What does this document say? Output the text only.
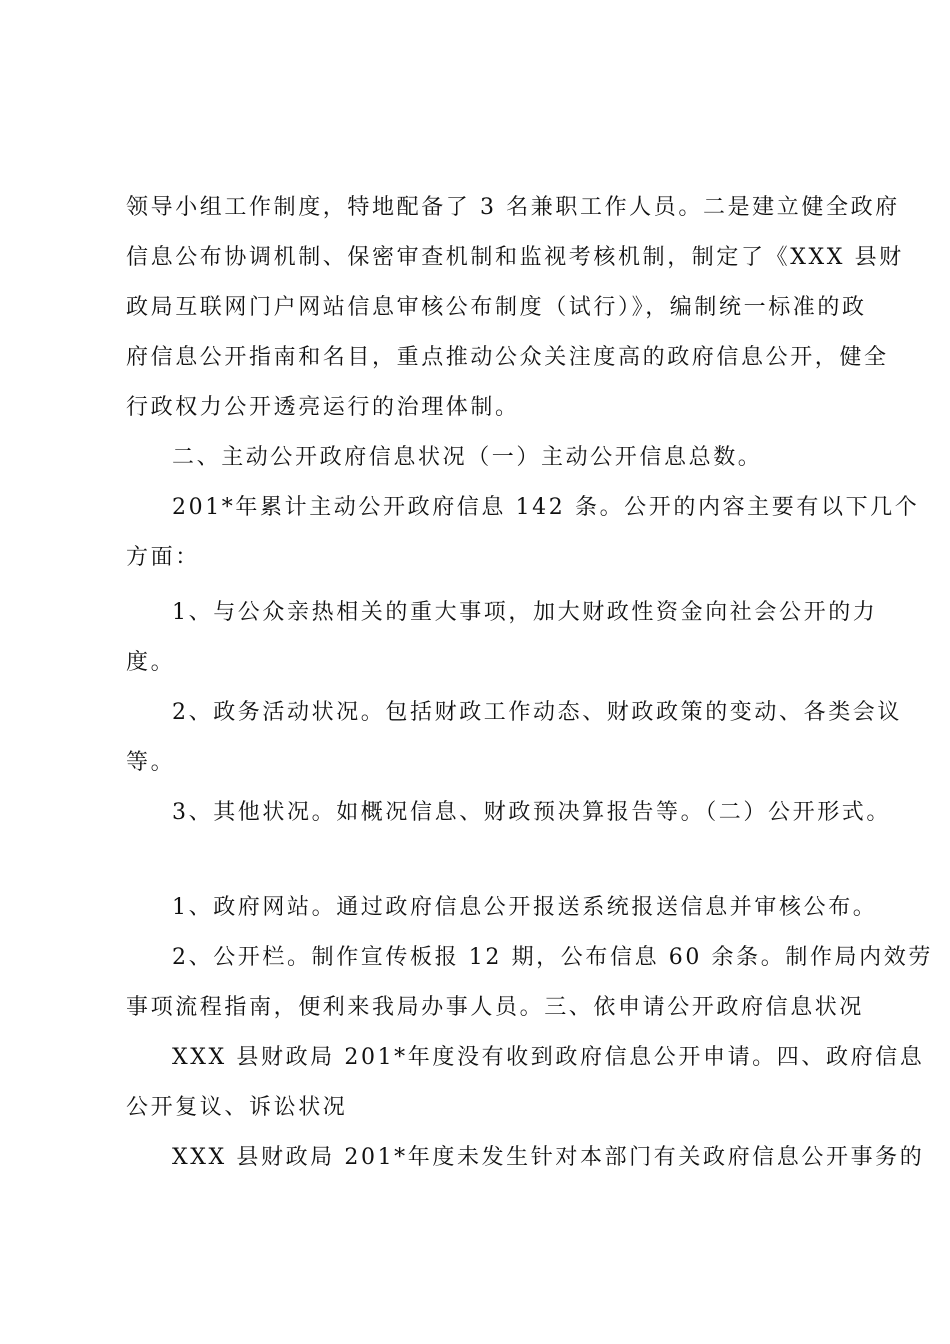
领导小组工作制度，特地配备了 3 名兼职工作人员。二是建立健全政府
信息公布协调机制、保密审查机制和监视考核机制，制定了《XXX 县财
政局互联网门户网站信息审核公布制度（试行）》，编制统一标准的政
府信息公开指南和名目，重点推动公众关注度高的政府信息公开，健全
行政权力公开透亮运行的治理体制。
二、主动公开政府信息状况（一）主动公开信息总数。
201*年累计主动公开政府信息 142 条。公开的内容主要有以下几个
方面：
1、与公众亲热相关的重大事项，加大财政性资金向社会公开的力
度。
2、政务活动状况。包括财政工作动态、财政政策的变动、各类会议
等。
3、其他状况。如概况信息、财政预决算报告等。（二）公开形式。
1、政府网站。通过政府信息公开报送系统报送信息并审核公布。
2、公开栏。制作宣传板报 12 期，公布信息 60 余条。制作局内效劳
事项流程指南，便利来我局办事人员。三、依申请公开政府信息状况
XXX 县财政局 201*年度没有收到政府信息公开申请。四、政府信息
公开复议、诉讼状况
XXX 县财政局 201*年度未发生针对本部门有关政府信息公开事务的
